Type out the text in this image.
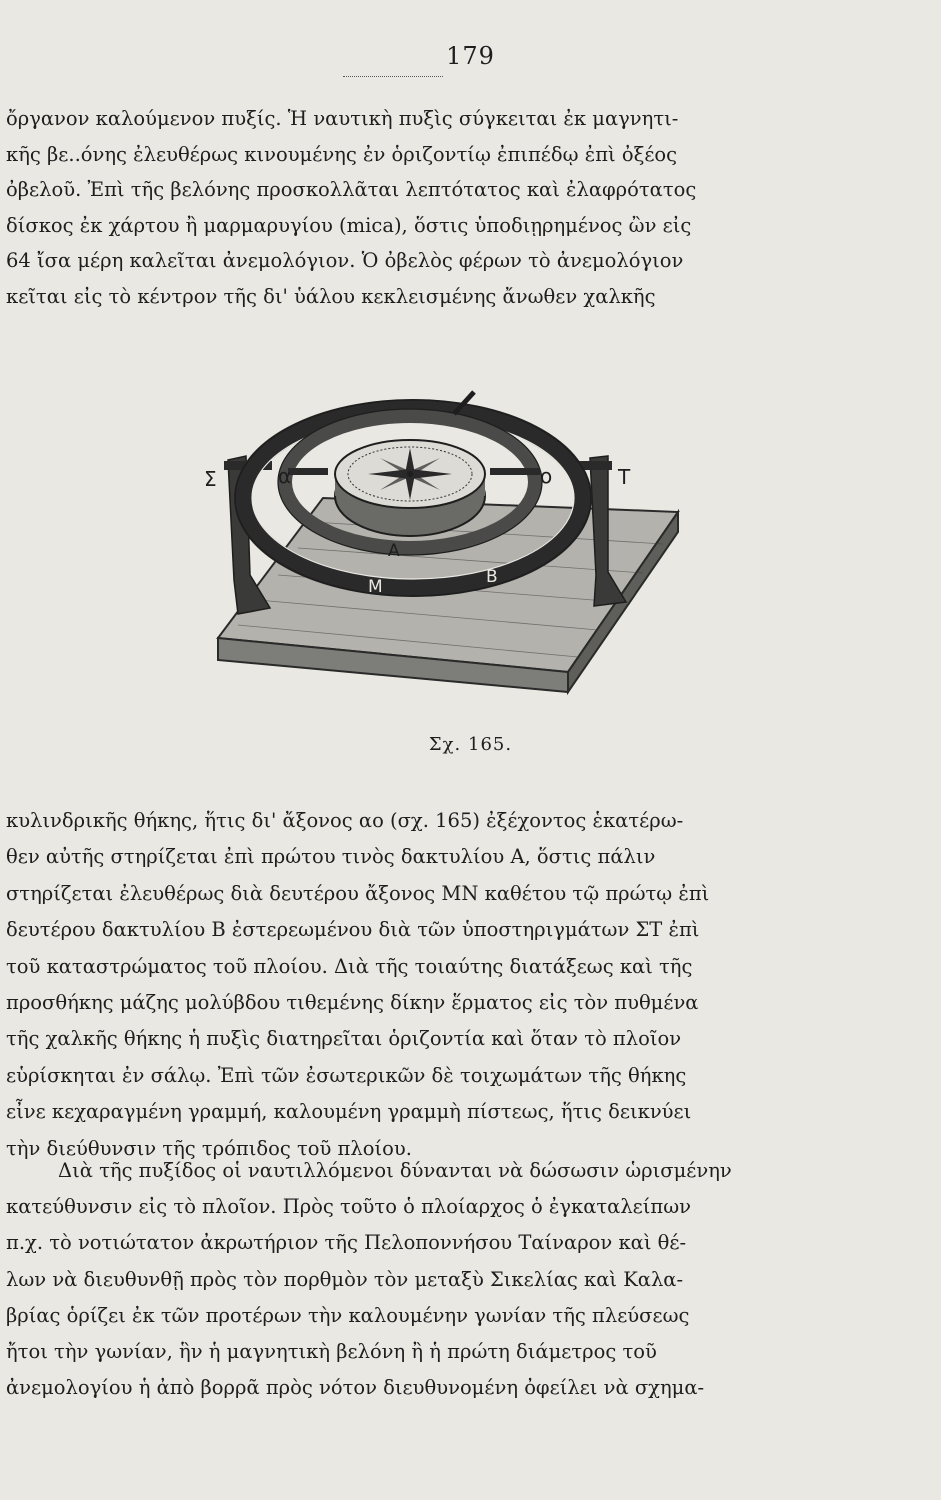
179
ὄργανον καλούμενον πυξίς. Ἡ ναυτικὴ πυξὶς σύγκειται ἐκ μαγνητι-
κῆς βε..όνης ἐλευθέρως κινουμένης ἐν ὁριζοντίῳ ἐπιπέδῳ ἐπὶ ὀξέος
ὀβελοῦ. Ἐπὶ τῆς βελόνης προσκολλᾶται λεπτότατος καὶ ἐλαφρότατος
δίσκος ἐκ χάρτου ἢ μαρμαρυγίου (mica), ὅστις ὑποδιῃρημένος ὢν εἰς
64 ἴσα μέρη καλεῖται ἀνεμολόγιον. Ὁ ὀβελὸς φέρων τὸ ἀνεμολόγιον
κεῖται εἰς τὸ κέντρον τῆς δι' ὑάλου κεκλεισμένης ἄνωθεν χαλκῆς
Σ	Τ
α	ο
Α
Β
Μ
Ν
Σχ. 165.
κυλινδρικῆς θήκης, ἥτις δι' ἄξονος αο (σχ. 165) ἐξέχοντος ἑκατέρω-
θεν αὐτῆς στηρίζεται ἐπὶ πρώτου τινὸς δακτυλίου Α, ὅστις πάλιν
στηρίζεται ἐλευθέρως διὰ δευτέρου ἄξονος ΜΝ καθέτου τῷ πρώτῳ ἐπὶ
δευτέρου δακτυλίου Β ἐστερεωμένου διὰ τῶν ὑποστηριγμάτων ΣΤ ἐπὶ
τοῦ καταστρώματος τοῦ πλοίου. Διὰ τῆς τοιαύτης διατάξεως καὶ τῆς
προσθήκης μάζης μολύβδου τιθεμένης δίκην ἕρματος εἰς τὸν πυθμένα
τῆς χαλκῆς θήκης ἡ πυξὶς διατηρεῖται ὁριζοντία καὶ ὅταν τὸ πλοῖον
εὑρίσκηται ἐν σάλῳ. Ἐπὶ τῶν ἐσωτερικῶν δὲ τοιχωμάτων τῆς θήκης
εἶνε κεχαραγμένη γραμμή, καλουμένη γραμμὴ πίστεως, ἥτις δεικνύει
τὴν διεύθυνσιν τῆς τρόπιδος τοῦ πλοίου.
Διὰ τῆς πυξίδος οἱ ναυτιλλόμενοι δύνανται νὰ δώσωσιν ὡρισμένην
κατεύθυνσιν εἰς τὸ πλοῖον. Πρὸς τοῦτο ὁ πλοίαρχος ὁ ἐγκαταλείπων
π.χ. τὸ νοτιώτατον ἀκρωτήριον τῆς Πελοποννήσου Ταίναρον καὶ θέ-
λων νὰ διευθυνθῇ πρὸς τὸν πορθμὸν τὸν μεταξὺ Σικελίας καὶ Καλα-
βρίας ὁρίζει ἐκ τῶν προτέρων τὴν καλουμένην γωνίαν τῆς πλεύσεως
ἤτοι τὴν γωνίαν, ἣν ἡ μαγνητικὴ βελόνη ἢ ἡ πρώτη διάμετρος τοῦ
ἀνεμολογίου ἡ ἀπὸ βορρᾶ πρὸς νότον διευθυνομένη ὀφείλει νὰ σχημα-
